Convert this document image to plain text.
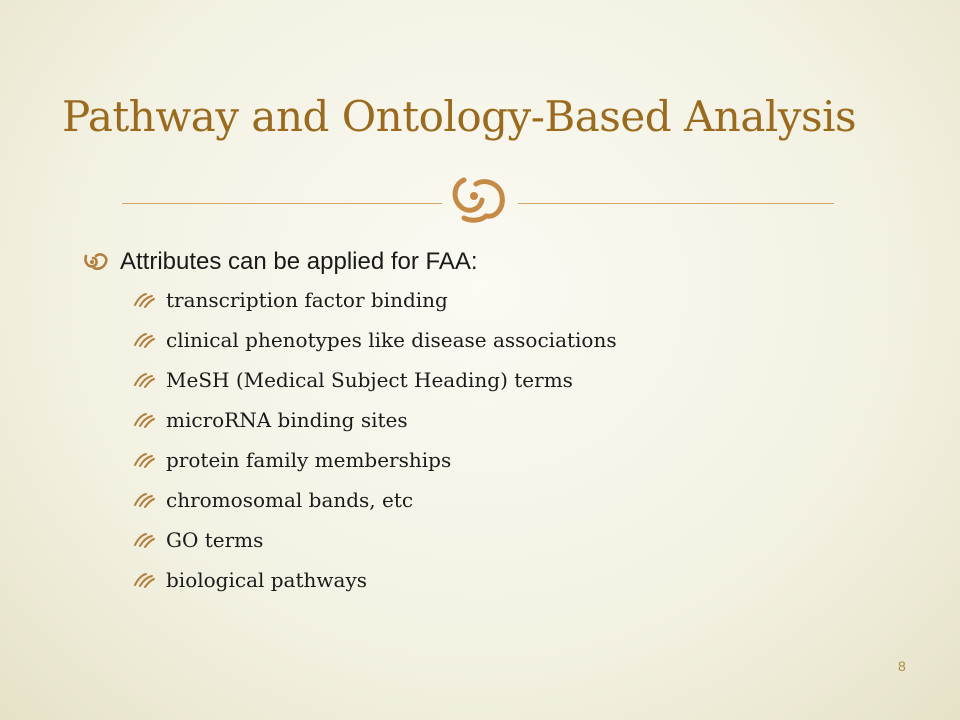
Pathway and Ontology-Based Analysis
Attributes can be applied for FAA:
transcription factor binding
clinical phenotypes like disease associations
MeSH (Medical Subject Heading) terms
microRNA binding sites
protein family memberships
chromosomal bands, etc
GO terms
biological pathways
8
